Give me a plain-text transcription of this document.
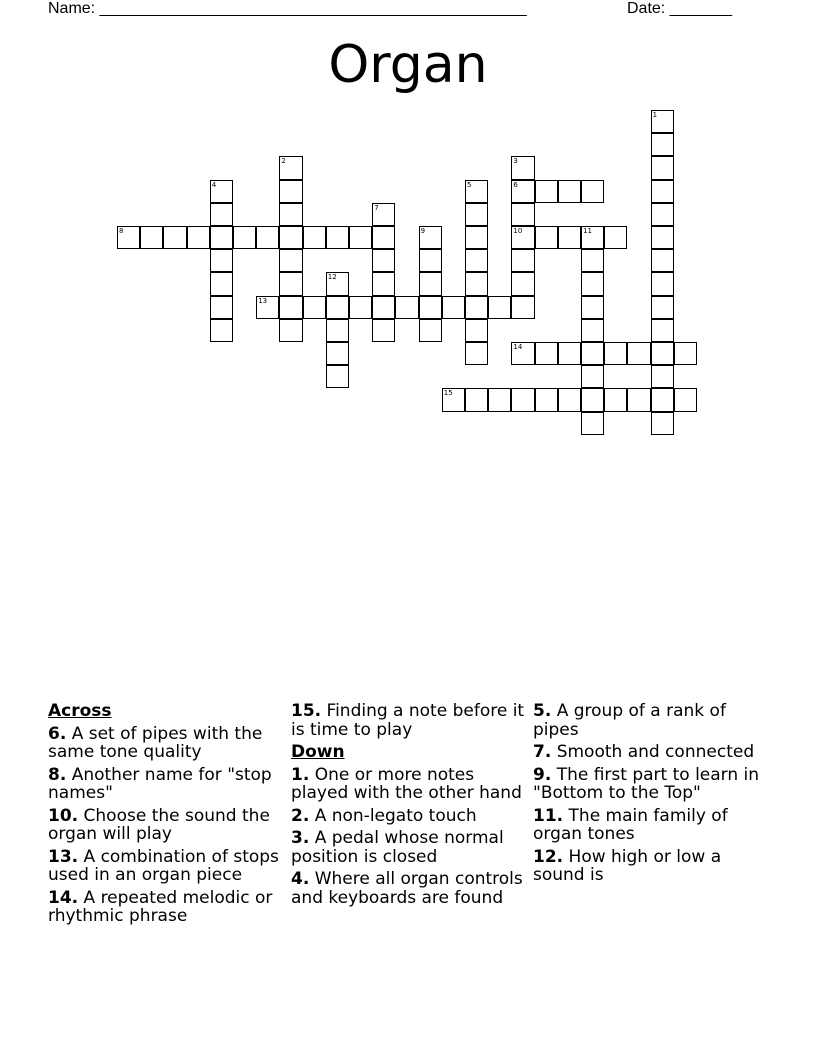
Name: ________________________________________________	Date: _______
Organ
1
2	3
6
10
4	5
7
8	9	11
12
13
14
15
Across
6. A set of pipes with the same tone quality
8. Another name for "stop names"
10. Choose the sound the organ will play
13. A combination of stops used in an organ piece
14. A repeated melodic or rhythmic phrase
15. Finding a note before it is time to play
Down
1. One or more notes played with the other hand
2. A non-legato touch
3. A pedal whose normal position is closed
4. Where all organ controls and keyboards are found
5. A group of a rank of pipes
7. Smooth and connected
9. The first part to learn in "Bottom to the Top"
11. The main family of organ tones
12. How high or low a sound is
